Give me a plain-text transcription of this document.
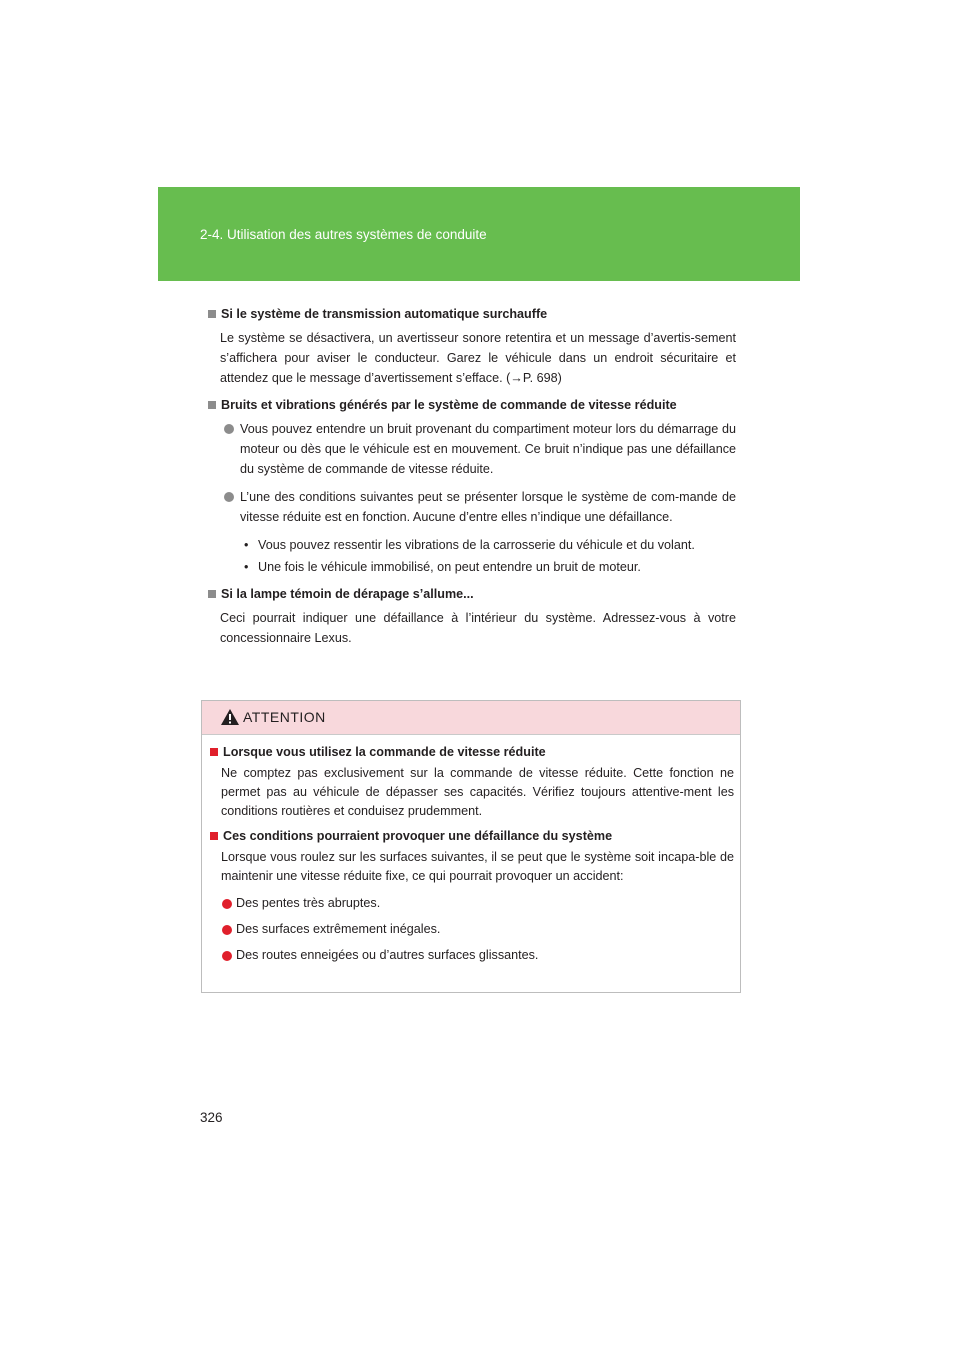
2-4. Utilisation des autres systèmes de conduite
Si le système de transmission automatique surchauffe
Le système se désactivera, un avertisseur sonore retentira et un message d’avertis-sement s’affichera pour aviser le conducteur. Garez le véhicule dans un endroit sécuritaire et attendez que le message d’avertissement s’efface. (→P. 698)
Bruits et vibrations générés par le système de commande de vitesse réduite
Vous pouvez entendre un bruit provenant du compartiment moteur lors du démarrage du moteur ou dès que le véhicule est en mouvement. Ce bruit n’indique pas une défaillance du système de commande de vitesse réduite.
L’une des conditions suivantes peut se présenter lorsque le système de com-mande de vitesse réduite est en fonction. Aucune d’entre elles n’indique une défaillance.
• Vous pouvez ressentir les vibrations de la carrosserie du véhicule et du volant.
• Une fois le véhicule immobilisé, on peut entendre un bruit de moteur.
Si la lampe témoin de dérapage s’allume...
Ceci pourrait indiquer une défaillance à l’intérieur du système. Adressez-vous à votre concessionnaire Lexus.
ATTENTION
Lorsque vous utilisez la commande de vitesse réduite
Ne comptez pas exclusivement sur la commande de vitesse réduite. Cette fonction ne permet pas au véhicule de dépasser ses capacités. Vérifiez toujours attentive-ment les conditions routières et conduisez prudemment.
Ces conditions pourraient provoquer une défaillance du système
Lorsque vous roulez sur les surfaces suivantes, il se peut que le système soit incapa-ble de maintenir une vitesse réduite fixe, ce qui pourrait provoquer un accident:
Des pentes très abruptes.
Des surfaces extrêmement inégales.
Des routes enneigées ou d’autres surfaces glissantes.
326
